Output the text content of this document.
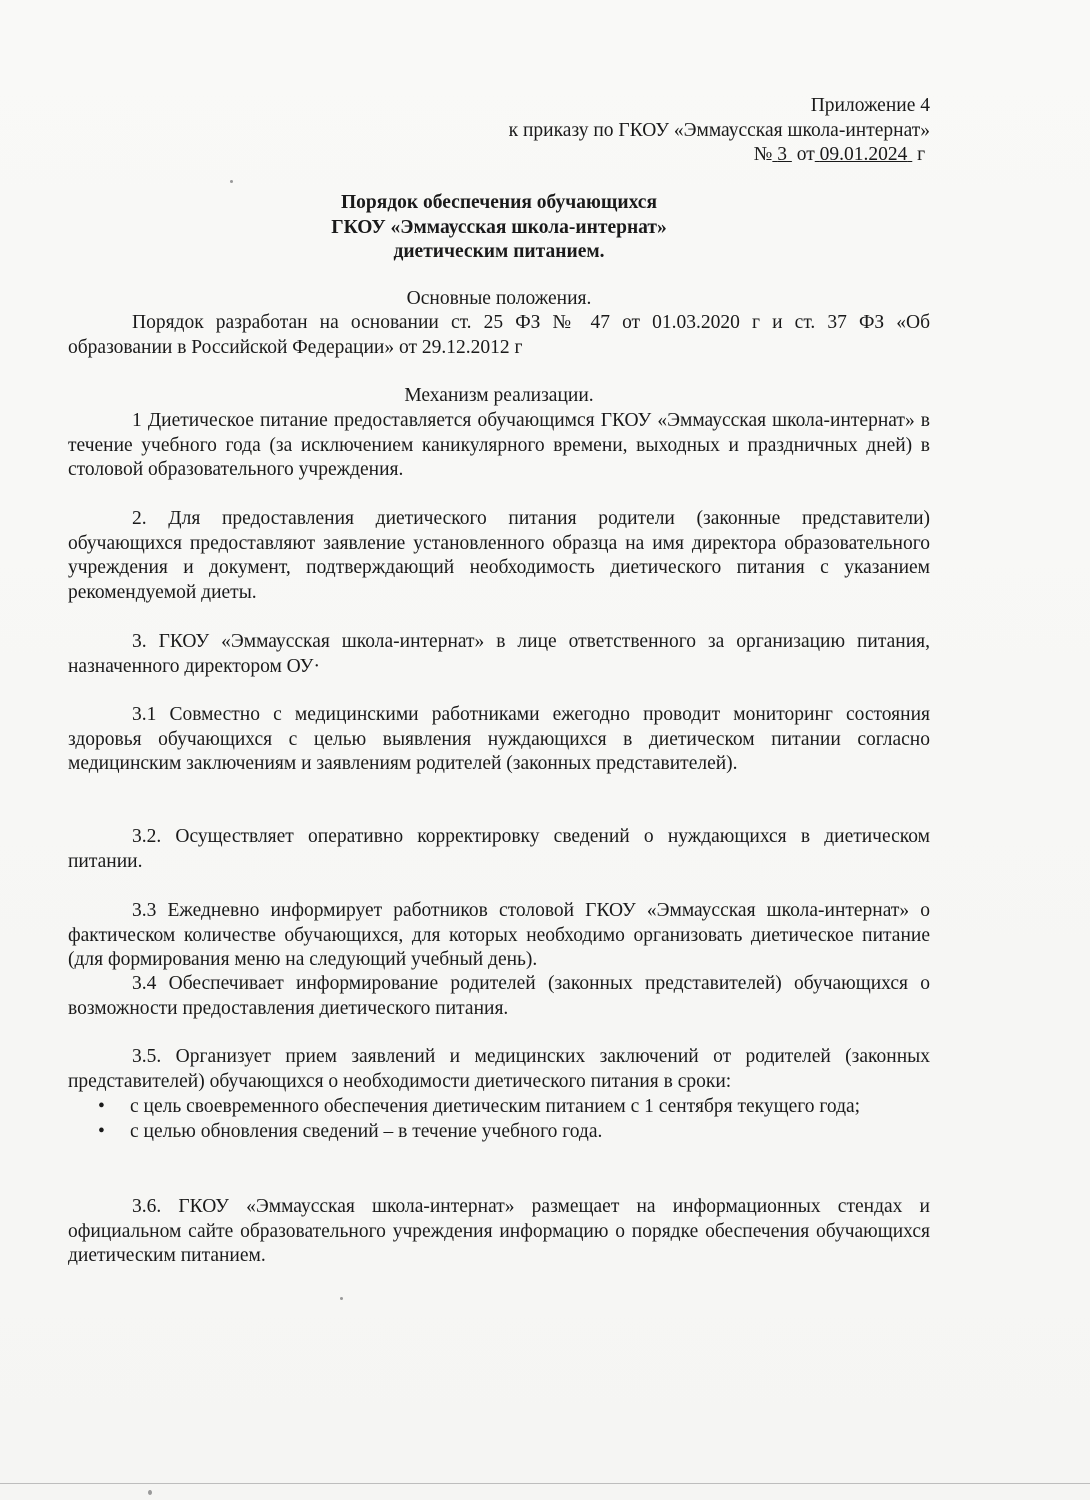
Приложение 4
к приказу по ГКОУ «Эммаусская школа-интернат»
№ 3 от 09.01.2024 г
Порядок обеспечения обучающихся
ГКОУ «Эммаусская школа-интернат»
диетическим питанием.
Основные положения.
Порядок разработан на основании ст. 25 ФЗ № 47 от 01.03.2020 г и ст. 37 ФЗ «Об
образовании в Российской Федерации» от 29.12.2012 г
Механизм реализации.
1 Диетическое питание предоставляется обучающимся ГКОУ «Эммаусская школа-интернат» в течение учебного года (за исключением каникулярного времени, выходных и праздничных дней) в столовой образовательного учреждения.
2. Для предоставления диетического питания родители (законные представители) обучающихся предоставляют заявление установленного образца на имя директора образовательного учреждения и документ, подтверждающий необходимость диетического питания с указанием рекомендуемой диеты.
3. ГКОУ «Эммаусская школа-интернат» в лице ответственного за организацию питания, назначенного директором ОУ·
3.1 Совместно с медицинскими работниками ежегодно проводит мониторинг состояния здоровья обучающихся с целью выявления нуждающихся в диетическом питании согласно медицинским заключениям и заявлениям родителей (законных представителей).
3.2. Осуществляет оперативно корректировку сведений о нуждающихся в диетическом питании.
3.3 Ежедневно информирует работников столовой ГКОУ «Эммаусская школа-интернат» о фактическом количестве обучающихся, для которых необходимо организовать диетическое питание (для формирования меню на следующий учебный день).
3.4 Обеспечивает информирование родителей (законных представителей) обучающихся о возможности предоставления диетического питания.
3.5. Организует прием заявлений и медицинских заключений от родителей (законных представителей) обучающихся о необходимости диетического питания в сроки:
• с цель своевременного обеспечения диетическим питанием с 1 сентября текущего года;
• с целью обновления сведений – в течение учебного года.
3.6. ГКОУ «Эммаусская школа-интернат» размещает на информационных стендах и официальном сайте образовательного учреждения информацию о порядке обеспечения обучающихся диетическим питанием.
